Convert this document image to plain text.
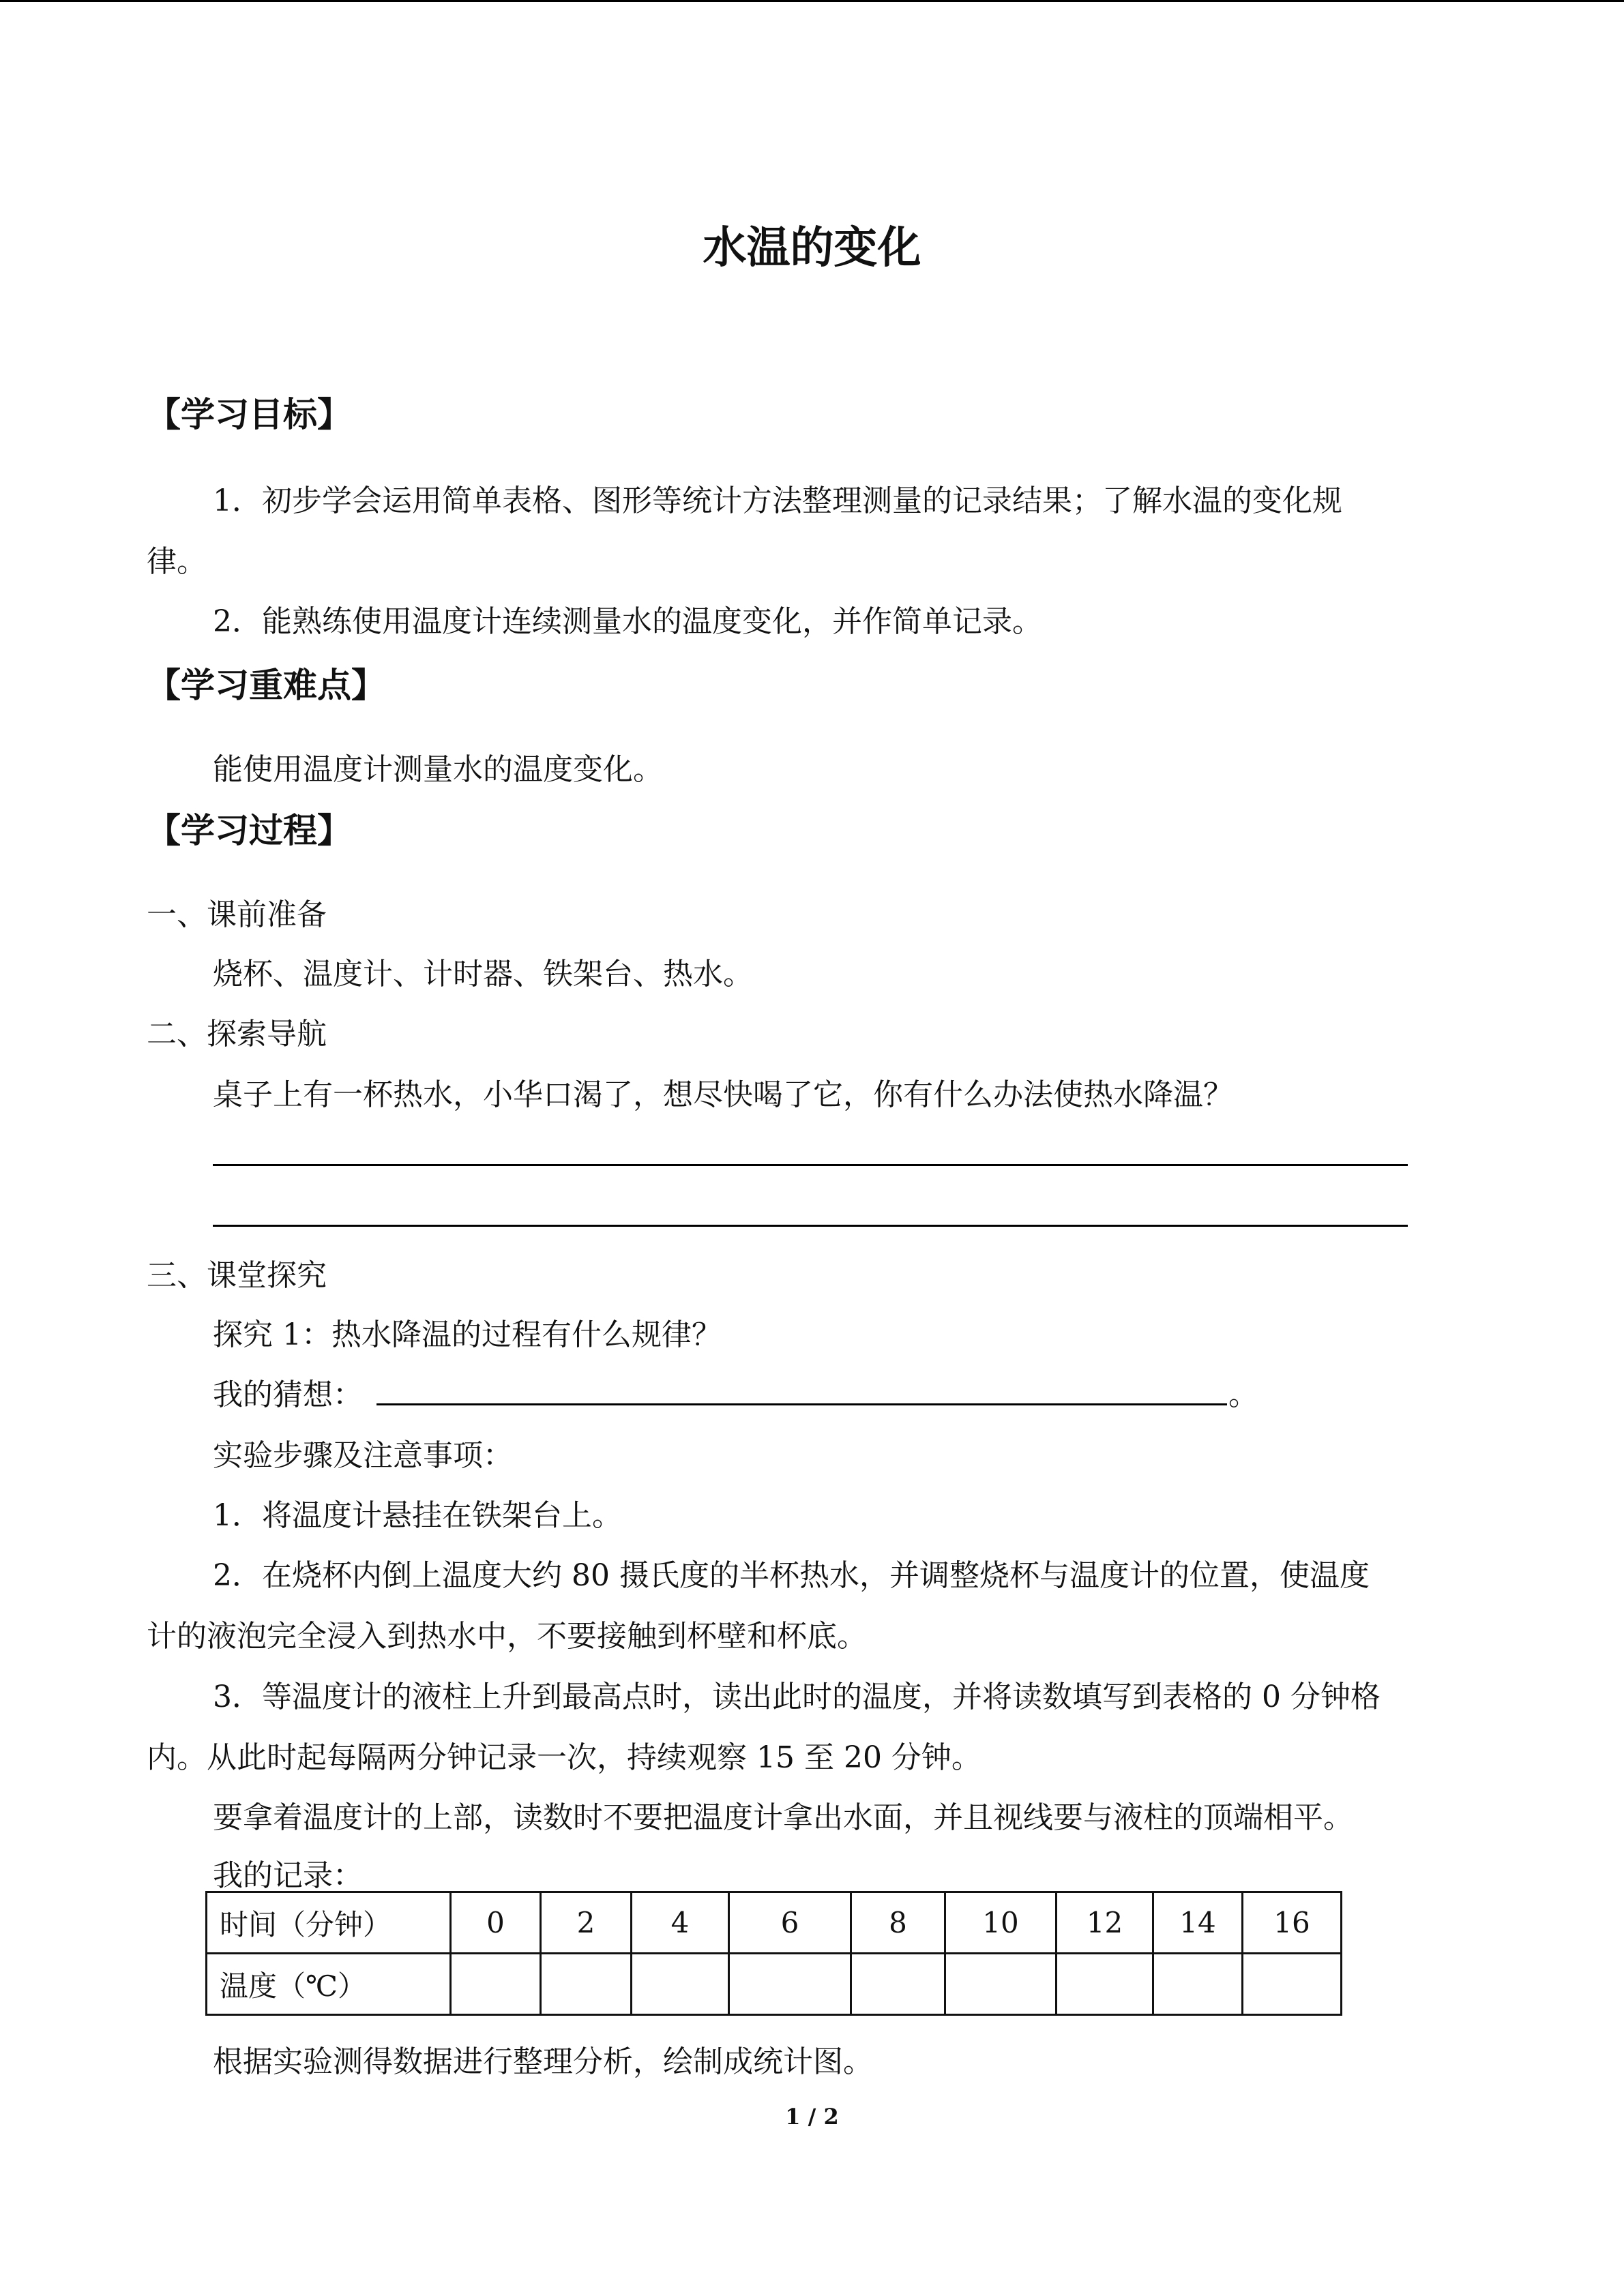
水温的变化
【学习目标】
1．初步学会运用简单表格、图形等统计方法整理测量的记录结果；了解水温的变化规
律。
2．能熟练使用温度计连续测量水的温度变化，并作简单记录。
【学习重难点】
能使用温度计测量水的温度变化。
【学习过程】
一、课前准备
烧杯、温度计、计时器、铁架台、热水。
二、探索导航
桌子上有一杯热水，小华口渴了，想尽快喝了它，你有什么办法使热水降温？
三、课堂探究
探究 1：热水降温的过程有什么规律？
我的猜想：	。
实验步骤及注意事项：
1．将温度计悬挂在铁架台上。
2．在烧杯内倒上温度大约 80 摄氏度的半杯热水，并调整烧杯与温度计的位置，使温度
计的液泡完全浸入到热水中，不要接触到杯壁和杯底。
3．等温度计的液柱上升到最高点时，读出此时的温度，并将读数填写到表格的 0 分钟格
内。从此时起每隔两分钟记录一次，持续观察 15 至 20 分钟。
要拿着温度计的上部，读数时不要把温度计拿出水面，并且视线要与液柱的顶端相平。
我的记录：
时间（分钟）	0	2	4	6	8	10	12	14	16
温度（℃）									
根据实验测得数据进行整理分析，绘制成统计图。
1 / 2
